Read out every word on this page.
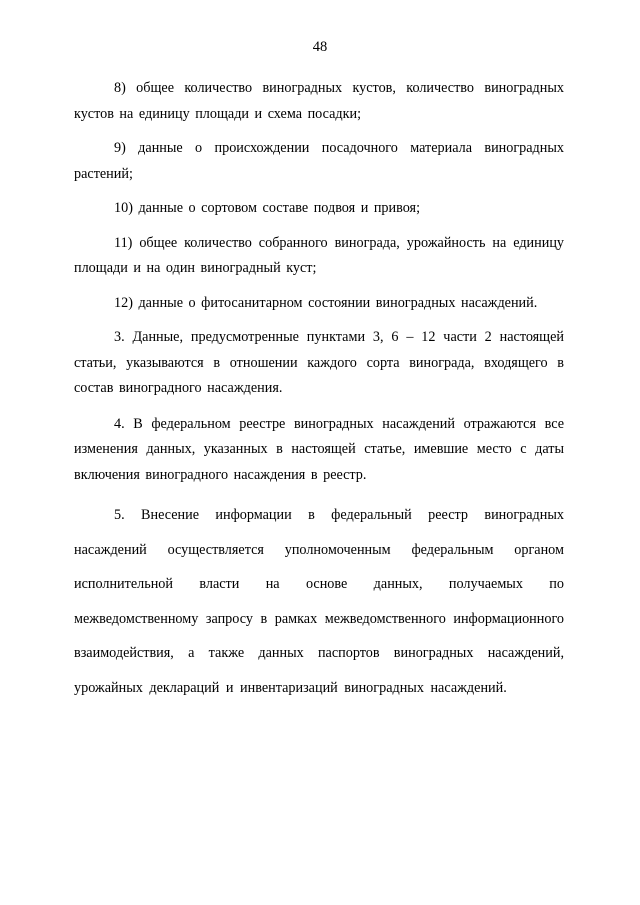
48

8) общее количество виноградных кустов, количество виноградных кустов на единицу площади и схема посадки;

9) данные о происхождении посадочного материала виноградных растений;

10) данные о сортовом составе подвоя и привоя;

11) общее количество собранного винограда, урожайность на единицу площади и на один виноградный куст;

12) данные о фитосанитарном состоянии виноградных насаждений.

3. Данные, предусмотренные пунктами 3, 6 – 12 части 2 настоящей статьи, указываются в отношении каждого сорта винограда, входящего в состав виноградного насаждения.

4. В федеральном реестре виноградных насаждений отражаются все изменения данных, указанных в настоящей статье, имевшие место с даты включения виноградного насаждения в реестр.

5. Внесение информации в федеральный реестр виноградных насаждений осуществляется уполномоченным федеральным органом исполнительной власти на основе данных, получаемых по межведомственному запросу в рамках межведомственного информационного взаимодействия, а также данных паспортов виноградных насаждений, урожайных деклараций и инвентаризаций виноградных насаждений.
